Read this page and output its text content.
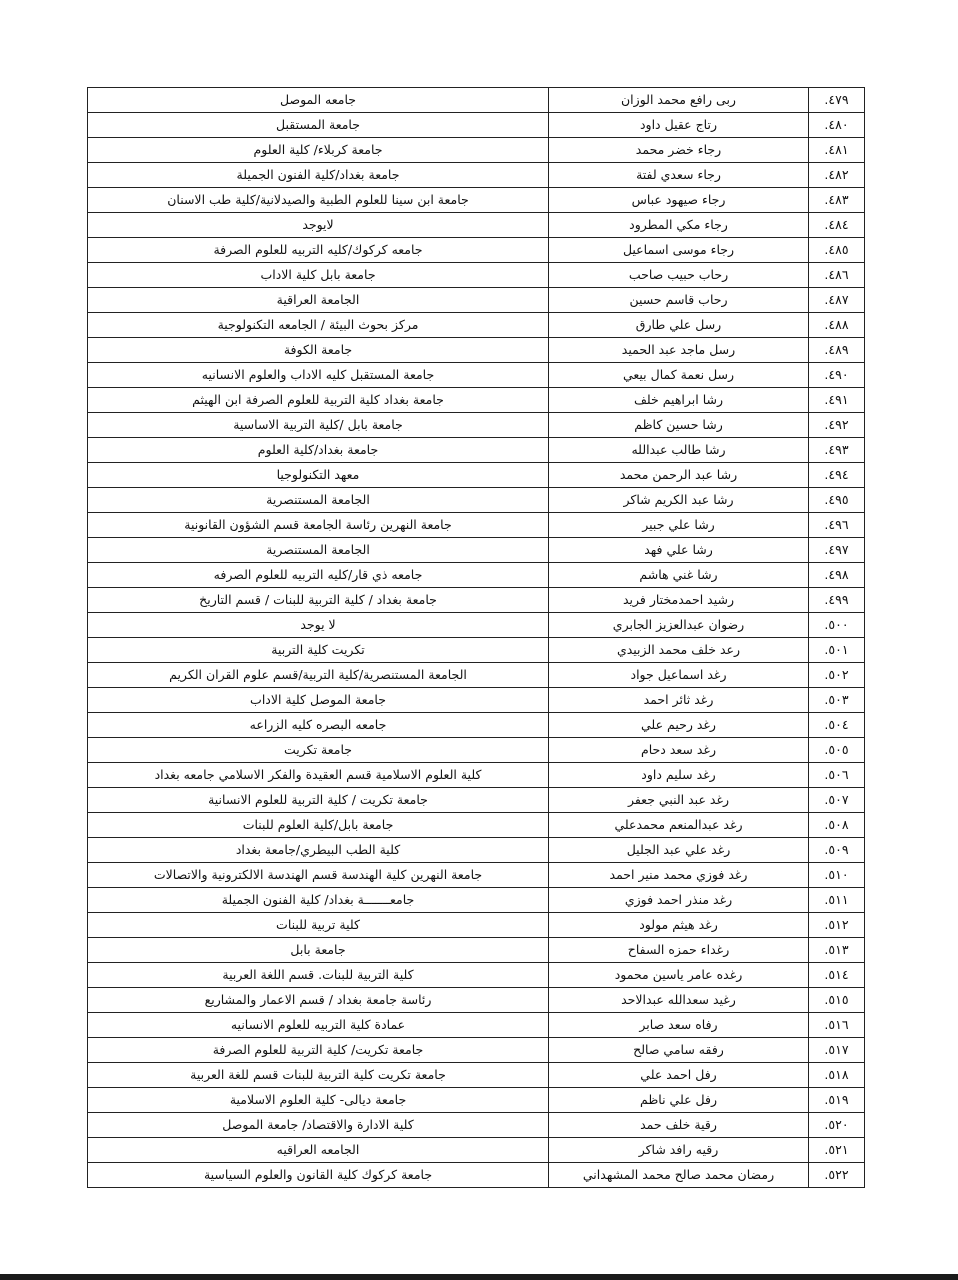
٤٧٩.	ربى رافع محمد الوزان	جامعه الموصل
٤٨٠.	رتاج عقيل داود	جامعة المستقبل
٤٨١.	رجاء خضر محمد	جامعة كربلاء/ كلية العلوم
٤٨٢.	رجاء سعدي لفتة	جامعة بغداد/كلية الفنون الجميلة
٤٨٣.	رجاء صيهود عباس	جامعة ابن سينا للعلوم الطبية والصيدلانية/كلية طب الاسنان
٤٨٤.	رجاء مكي المطرود	لايوجد
٤٨٥.	رجاء موسى اسماعيل	جامعه كركوك/كليه التربيه للعلوم الصرفة
٤٨٦.	رحاب حبيب صاحب	جامعة بابل كلية الاداب
٤٨٧.	رحاب قاسم حسين	الجامعة العراقية
٤٨٨.	رسل علي طارق	مركز بحوث البيئة / الجامعه التكنولوجية
٤٨٩.	رسل ماجد عبد الحميد	جامعة الكوفة
٤٩٠.	رسل نعمة كمال بيعي	جامعة المستقبل كليه الاداب والعلوم الانسانيه
٤٩١.	رشا ابراهيم خلف	جامعة بغداد كلية التربية للعلوم الصرفة ابن الهيثم
٤٩٢.	رشا حسين كاظم	جامعة بابل /كلية التربية الاساسية
٤٩٣.	رشا طالب عبدالله	جامعة بغداد/كلية العلوم
٤٩٤.	رشا عبد الرحمن محمد	معهد التكنولوجيا
٤٩٥.	رشا عبد الكريم شاكر	الجامعة المستنصرية
٤٩٦.	رشا علي جبير	جامعة النهرين رئاسة الجامعة قسم الشؤون القانونية
٤٩٧.	رشا علي فهد	الجامعة المستنصرية
٤٩٨.	رشا غني هاشم	جامعه ذي قار/كليه التربيه للعلوم الصرفه
٤٩٩.	رشيد احمدمختار فريد	جامعة بغداد / كلية التربية للبنات / قسم التاريخ
٥٠٠.	رضوان عبدالعزيز الجابري	لا يوجد
٥٠١.	رعد خلف محمد الزبيدي	تكريت كلية التربية
٥٠٢.	رغد اسماعيل جواد	الجامعة المستنصرية/كلية التربية/قسم علوم القران الكريم
٥٠٣.	رغد ثائر احمد	جامعة الموصل كلية الاداب
٥٠٤.	رغد رحيم علي	جامعه البصره كليه الزراعه
٥٠٥.	رغد سعد دحام	جامعة تكريت
٥٠٦.	رغد سليم داود	كلية العلوم الاسلامية قسم العقيدة والفكر الاسلامي جامعه بغداد
٥٠٧.	رغد عبد النبي جعفر	جامعة تكريت / كلية التربية للعلوم الانسانية
٥٠٨.	رغد عبدالمنعم محمدعلي	جامعة بابل/كلية العلوم للبنات
٥٠٩.	رغد علي عبد الجليل	كلية الطب البيطري/جامعة بغداد
٥١٠.	رغد فوزي محمد منير احمد	جامعة النهرين كلية الهندسة قسم الهندسة الالكترونية والاتصالات
٥١١.	رغد منذر احمد فوزي	جامعـــــــة بغداد/ كلية الفنون الجميلة
٥١٢.	رغد هيثم مولود	كلية تربية للبنات
٥١٣.	رغداء حمزه السفاح	جامعة بابل
٥١٤.	رغده عامر ياسين محمود	كلية التربية للبنات. قسم اللغة العربية
٥١٥.	رغيد سعدالله عبدالاحد	رئاسة جامعة بغداد / قسم الاعمار والمشاريع
٥١٦.	رفاه سعد صابر	عمادة كلية التربيه للعلوم الانسانيه
٥١٧.	رفقه سامي صالح	جامعة تكريت/ كلية التربية للعلوم الصرفة
٥١٨.	رفل احمد علي	جامعة تكريت كلية التربية للبنات قسم للغة العربية
٥١٩.	رفل علي ناظم	جامعة ديالى- كلية العلوم الاسلامية
٥٢٠.	رقية خلف حمد	كلية الادارة والاقتصاد/ جامعة الموصل
٥٢١.	رقيه رافد شاكر	الجامعه العراقيه
٥٢٢.	رمضان محمد صالح محمد المشهداني	جامعة كركوك كلية القانون والعلوم السياسية
